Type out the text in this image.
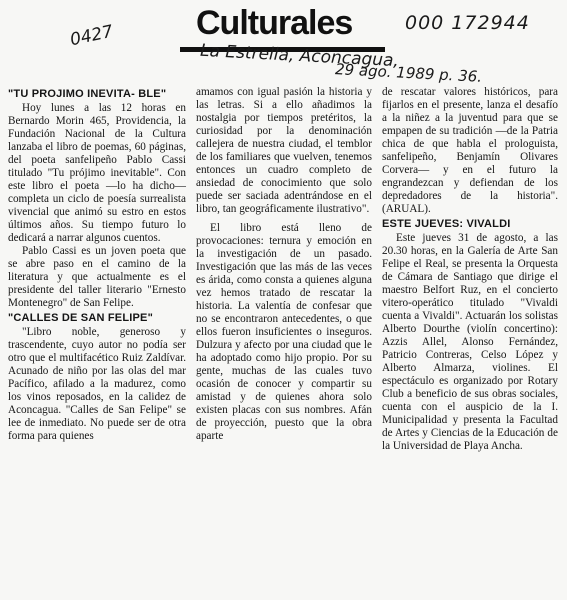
Culturales
0427	000 172944
La Estrella, Aconcagua,
29 ago. 1989 p. 36.
"TU PROJIMO INEVITA- BLE"

Hoy lunes a las 12 horas en Bernardo Morin 465, Providencia, la Fundación Nacional de la Cultura lanzaba el libro de poemas, 60 páginas, del poeta sanfelipeño Pablo Cassi titulado "Tu prójimo inevitable". Con este libro el poeta —lo ha dicho— completa un ciclo de poesía surrealista vivencial que animó su estro en estos últimos años. Su tiempo futuro lo dedicará a narrar algunos cuentos.

Pablo Cassi es un joven poeta que se abre paso en el camino de la literatura y que actualmente es el presidente del taller literario "Ernesto Montenegro" de San Felipe.

"CALLES DE SAN FELIPE"

"Libro noble, generoso y trascendente, cuyo autor no podía ser otro que el multifacético Ruiz Zaldívar. Acunado de niño por las olas del mar Pacífico, afilado a la madurez, como los vinos reposados, en la calidez de Aconcagua. "Calles de San Felipe" se lee de inmediato. No puede ser de otra forma para quienes

amamos con igual pasión la historia y las letras. Si a ello añadimos la nostalgia por tiempos pretéritos, la curiosidad por la denominación callejera de nuestra ciudad, el temblor de los familiares que vuelven, tenemos entonces un cuadro completo de ansiedad de conocimiento que solo puede ser saciada adentrándose en el libro, tan geográficamente ilustrativo".

El libro está lleno de provocaciones: ternura y emoción en la investigación de un pasado. Investigación que las más de las veces es árida, como consta a quienes alguna vez hemos tratado de rescatar la historia. La valentía de confesar que no se encontraron antecedentes, o que ellos fueron insuficientes o inseguros. Dulzura y afecto por una ciudad que le ha adoptado como hijo propio. Por su gente, muchas de las cuales tuvo ocasión de conocer y compartir su amistad y de quienes ahora solo existen placas con sus nombres. Afán de proyección, puesto que la obra aparte

de rescatar valores históricos, para fijarlos en el presente, lanza el desafío a la niñez a la juventud para que se empapen de su tradición —de la Patria chica de que habla el prologuista, sanfelipeño, Benjamín Olivares Corvera— y en el futuro la engrandezcan y defiendan de los depredadores de la historia". (ARUAL).

ESTE JUEVES: VIVALDI

Este jueves 31 de agosto, a las 20.30 horas, en la Galería de Arte San Felipe el Real, se presenta la Orquesta de Cámara de Santiago que dirige el maestro Belfort Ruz, en el concierto vitero-operático titulado "Vivaldi cuenta a Vivaldi". Actuarán los solistas Alberto Dourthe (violín concertino): Azzis Allel, Alonso Fernández, Patricio Contreras, Celso López y Alberto Almarza, violines. El espectáculo es organizado por Rotary Club a beneficio de sus obras sociales, cuenta con el auspicio de la I. Municipalidad y presenta la Facultad de Artes y Ciencias de la Educación de la Universidad de Playa Ancha.
